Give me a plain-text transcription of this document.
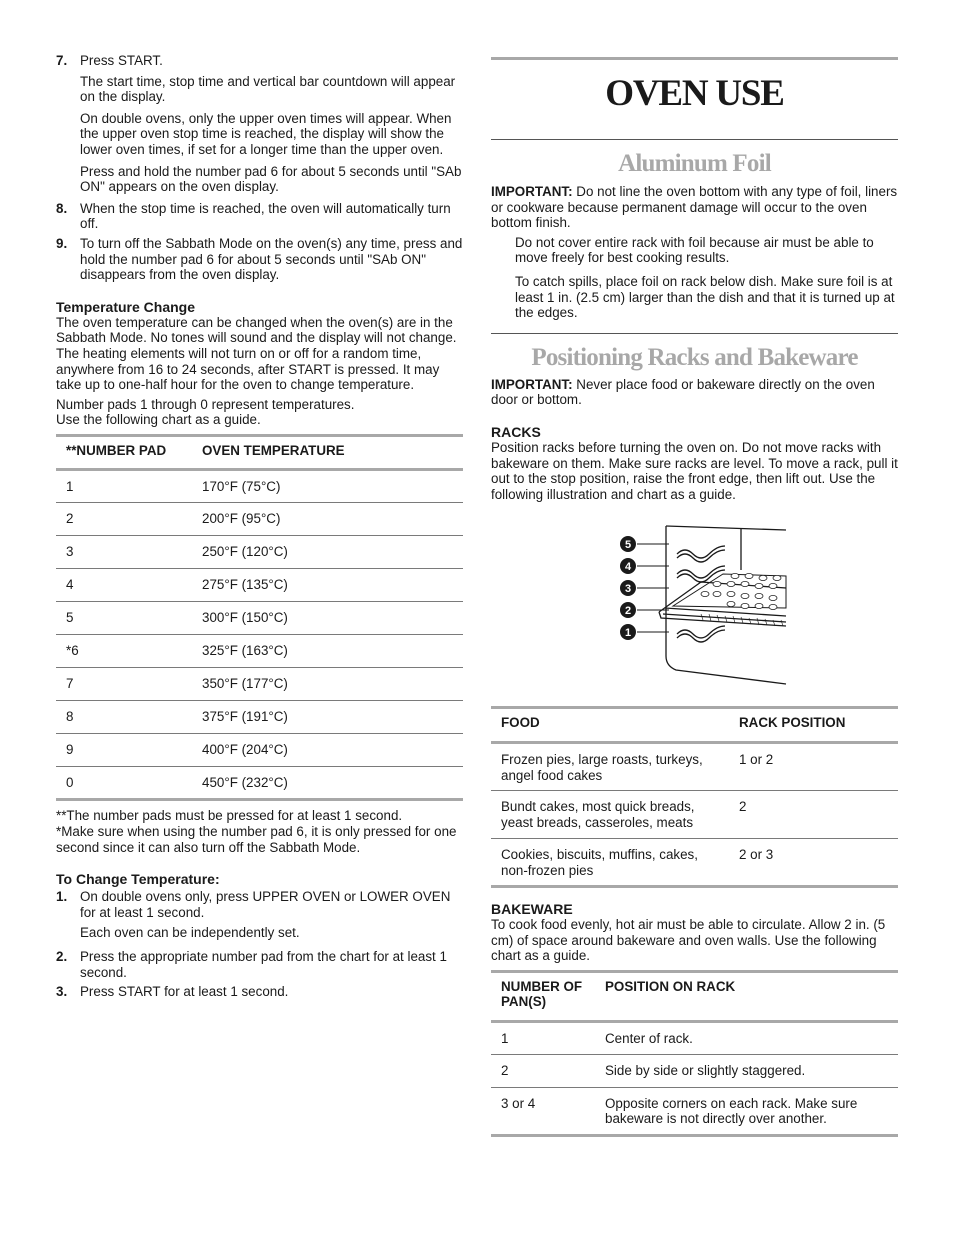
7. Press START.

The start time, stop time and vertical bar countdown will appear on the display.

On double ovens, only the upper oven times will appear. When the upper oven stop time is reached, the display will show the lower oven times, if set for a longer time than the upper oven.

Press and hold the number pad 6 for about 5 seconds until "SAb ON" appears on the oven display.

8. When the stop time is reached, the oven will automatically turn off.
9. To turn off the Sabbath Mode on the oven(s) any time, press and hold the number pad 6 for about 5 seconds until "SAb ON" disappears from the oven display.
Temperature Change

The oven temperature can be changed when the oven(s) are in the Sabbath Mode. No tones will sound and the display will not change. The heating elements will not turn on or off for a random time, anywhere from 16 to 24 seconds, after START is pressed. It may take up to one-half hour for the oven to change temperature.

Number pads 1 through 0 represent temperatures.

Use the following chart as a guide.

**NUMBER PAD	OVEN TEMPERATURE
1	170°F (75°C)
2	200°F (95°C)
3	250°F (120°C)
4	275°F (135°C)
5	300°F (150°C)
*6	325°F (163°C)
7	350°F (177°C)
8	375°F (191°C)
9	400°F (204°C)
0	450°F (232°C)

**The number pads must be pressed for at least 1 second.

*Make sure when using the number pad 6, it is only pressed for one second since it can also turn off the Sabbath Mode.

To Change Temperature:
1. On double ovens only, press UPPER OVEN or LOWER OVEN for at least 1 second.

Each oven can be independently set.

2. Press the appropriate number pad from the chart for at least 1 second.
3. Press START for at least 1 second.
OVEN USE
Aluminum Foil

IMPORTANT: Do not line the oven bottom with any type of foil, liners or cookware because permanent damage will occur to the oven bottom finish.

Do not cover entire rack with foil because air must be able to move freely for best cooking results.

To catch spills, place foil on rack below dish. Make sure foil is at least 1 in. (2.5 cm) larger than the dish and that it is turned up at the edges.

Positioning Racks and Bakeware

IMPORTANT: Never place food or bakeware directly on the oven door or bottom.

RACKS

Position racks before turning the oven on. Do not move racks with bakeware on them. Make sure racks are level. To move a rack, pull it out to the stop position, raise the front edge, then lift out. Use the following illustration and chart as a guide.

5
4
3
2
1
FOOD	RACK POSITION
Frozen pies, large roasts, turkeys, angel food cakes	1 or 2
Bundt cakes, most quick breads, yeast breads, casseroles, meats	2
Cookies, biscuits, muffins, cakes, non-frozen pies	2 or 3
BAKEWARE

To cook food evenly, hot air must be able to circulate. Allow 2 in. (5 cm) of space around bakeware and oven walls. Use the following chart as a guide.

NUMBER OF PAN(S)	POSITION ON RACK
1	Center of rack.
2	Side by side or slightly staggered.
3 or 4	Opposite corners on each rack. Make sure bakeware is not directly over another.
